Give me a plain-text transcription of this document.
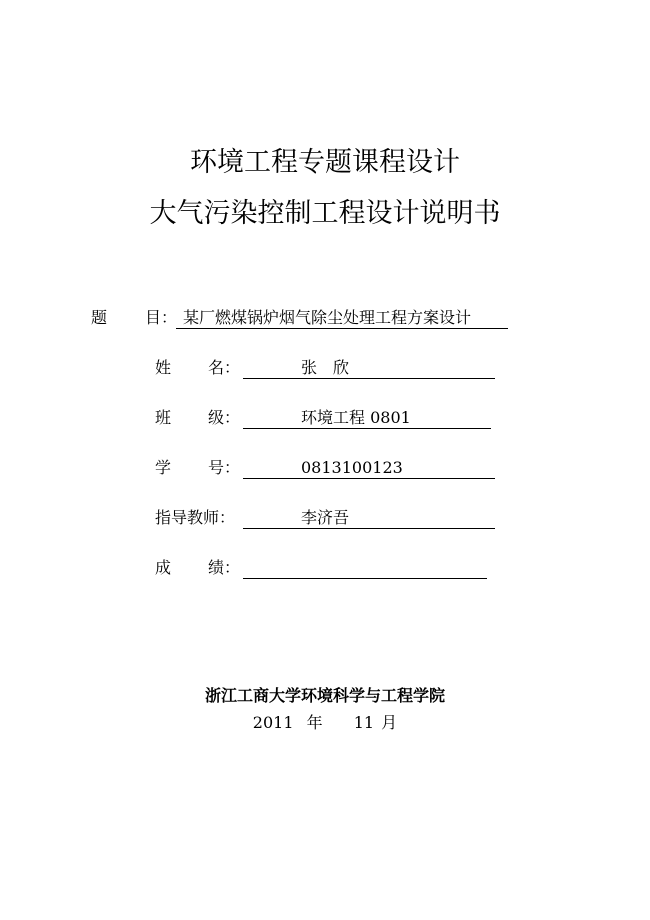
环境工程专题课程设计
大气污染控制工程设计说明书
题 目： 某厂燃煤锅炉烟气除尘处理工程方案设计
姓 名：	张　欣
班 级：	环境工程 0801
学 号：	0813100123
指导教师：	李济吾
成 绩：
浙江工商大学环境科学与工程学院
2011 年 11 月
